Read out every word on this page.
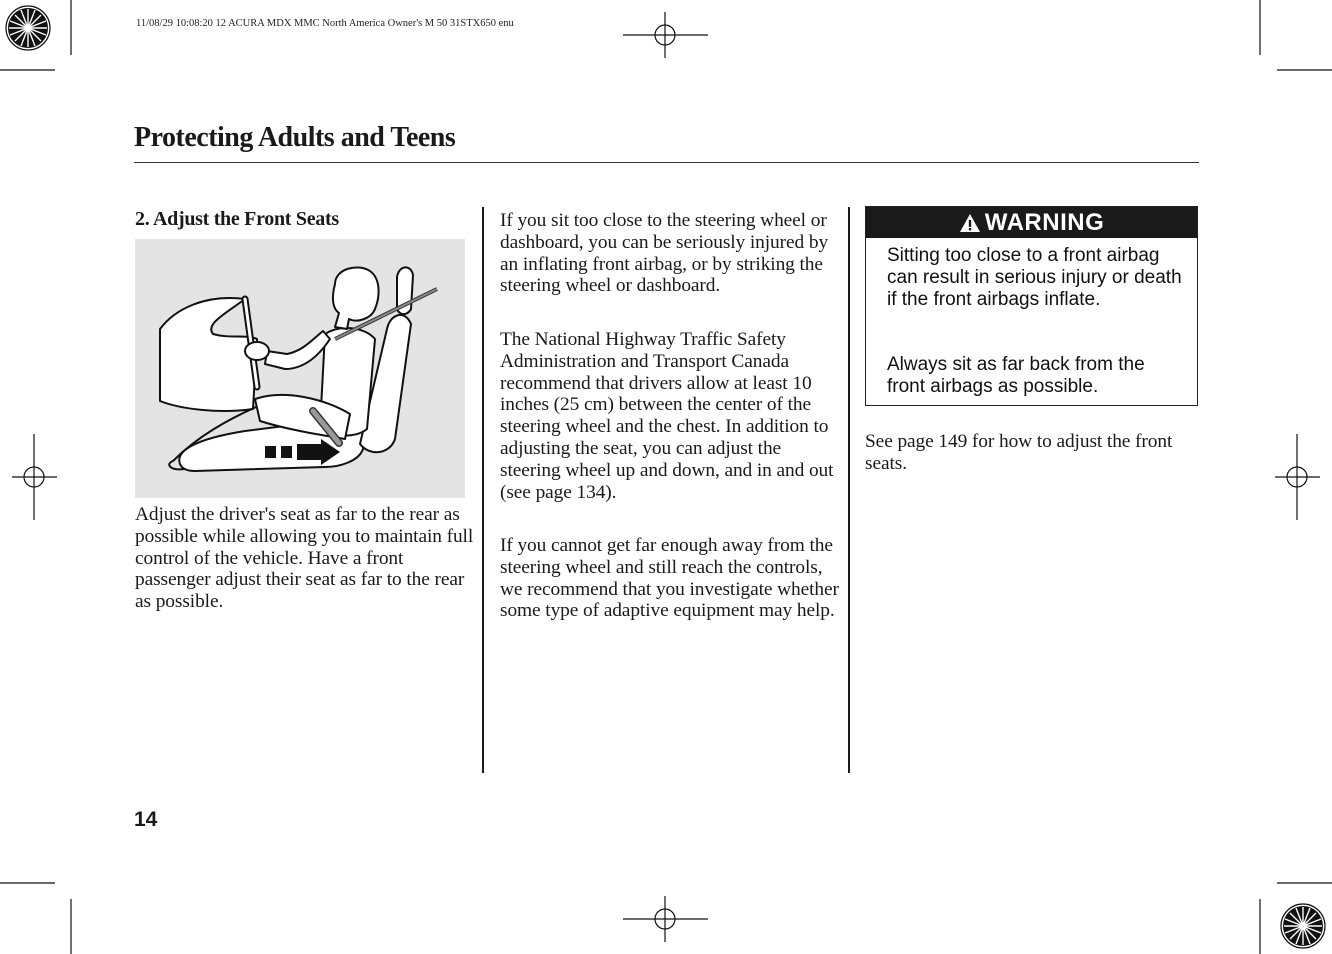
11/08/29 10:08:20 12 ACURA MDX MMC North America Owner's M 50 31STX650 enu
Protecting Adults and Teens
2. Adjust the Front Seats

Adjust the driver's seat as far to the rear as possible while allowing you to maintain full control of the vehicle. Have a front passenger adjust their seat as far to the rear as possible.

If you sit too close to the steering wheel or dashboard, you can be seriously injured by an inflating front airbag, or by striking the steering wheel or dashboard.

The National Highway Traffic Safety Administration and Transport Canada recommend that drivers allow at least 10 inches (25 cm) between the center of the steering wheel and the chest. In addition to adjusting the seat, you can adjust the steering wheel up and down, and in and out (see page 134).

If you cannot get far enough away from the steering wheel and still reach the controls, we recommend that you investigate whether some type of adaptive equipment may help.

WARNING

Sitting too close to a front airbag can result in serious injury or death if the front airbags inflate.

Always sit as far back from the front airbags as possible.

See page 149 for how to adjust the front seats.

14
